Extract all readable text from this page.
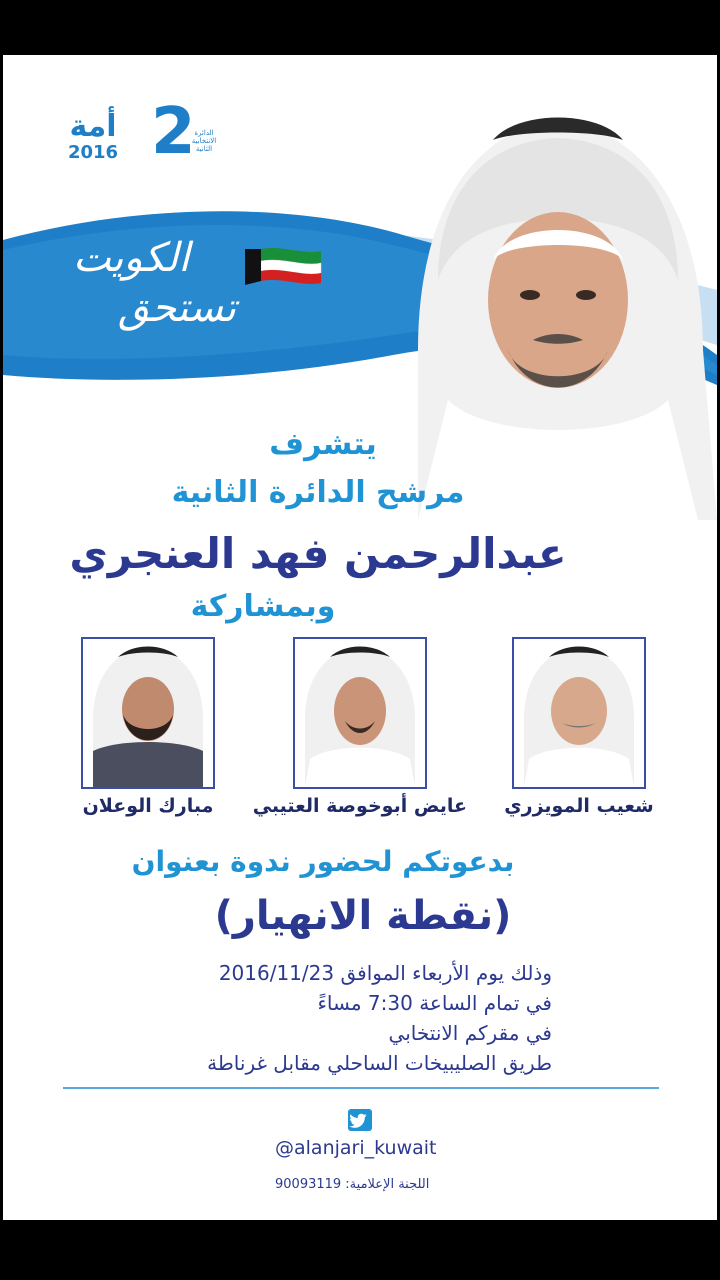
أمة
2016 2
الدائرة الانتخابية الثانية
الكويت
تستحق
يتشرف
مرشح الدائرة الثانية
عبدالرحمن فهد العنجري
وبمشاركة
شعيب المويزري
عايض أبوخوصة العتيبي
مبارك الوعلان
بدعوتكم لحضور ندوة بعنوان
(نقطة الانهيار)
وذلك يوم الأربعاء الموافق 2016/11/23
في تمام الساعة 7:30 مساءً
في مقركم الانتخابي
طريق الصليبيخات الساحلي مقابل غرناطة
@alanjari_kuwait
اللجنة الإعلامية: 90093119
